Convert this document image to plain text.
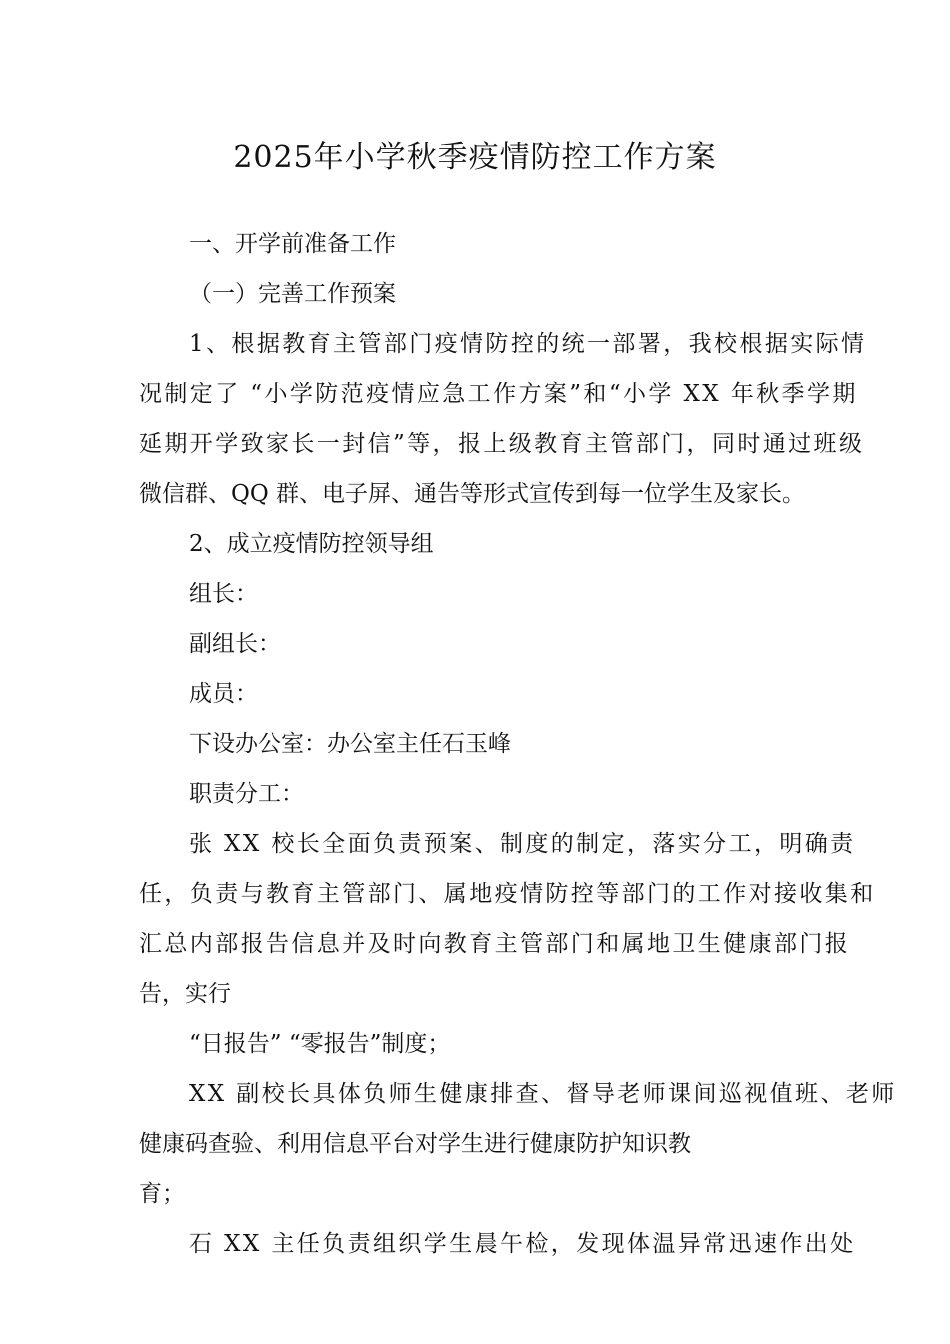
2025年小学秋季疫情防控工作方案
一、开学前准备工作
（一）完善工作预案
1、根据教育主管部门疫情防控的统一部署，我校根据实际情
况制定了 “小学防范疫情应急工作方案”和“小学 XX 年秋季学期
延期开学致家长一封信”等，报上级教育主管部门，同时通过班级
微信群、QQ 群、电子屏、通告等形式宣传到每一位学生及家长。
2、成立疫情防控领导组
组长：
副组长：
成员：
下设办公室：办公室主任石玉峰
职责分工：
张 XX 校长全面负责预案、制度的制定，落实分工，明确责
任，负责与教育主管部门、属地疫情防控等部门的工作对接收集和
汇总内部报告信息并及时向教育主管部门和属地卫生健康部门报
告，实行
“日报告” “零报告”制度；
XX 副校长具体负师生健康排查、督导老师课间巡视值班、老师
健康码查验、利用信息平台对学生进行健康防护知识教
育；
石 XX 主任负责组织学生晨午检，发现体温异常迅速作出处
